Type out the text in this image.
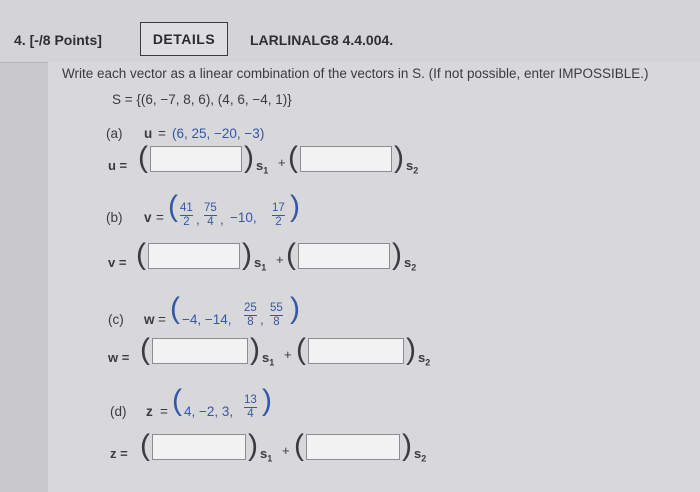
4. [-/8 Points]	DETAILS	LARLINALG8 4.4.004.
Write each vector as a linear combination of the vectors in S. (If not possible, enter IMPOSSIBLE.)
S = {(6, −7, 8, 6), (4, 6, −4, 1)}
(a) u = (6, 25, −20, −3)
u = (	) $s_1$
+ (	) $s_2$
(b) v = ( 41
2 ,
75
4 , −10,
17
2 )
v = (	) $s_1$
+ (	) $s_2$
(c) w = ( −4, −14,
25
8 ,
55
8 )
w = (	) $s_1$
+ (	) $s_2$
(d) z = ( 4, −2, 3,
13
4 )
z = (	) $s_1$
+ (	) $s_2$
